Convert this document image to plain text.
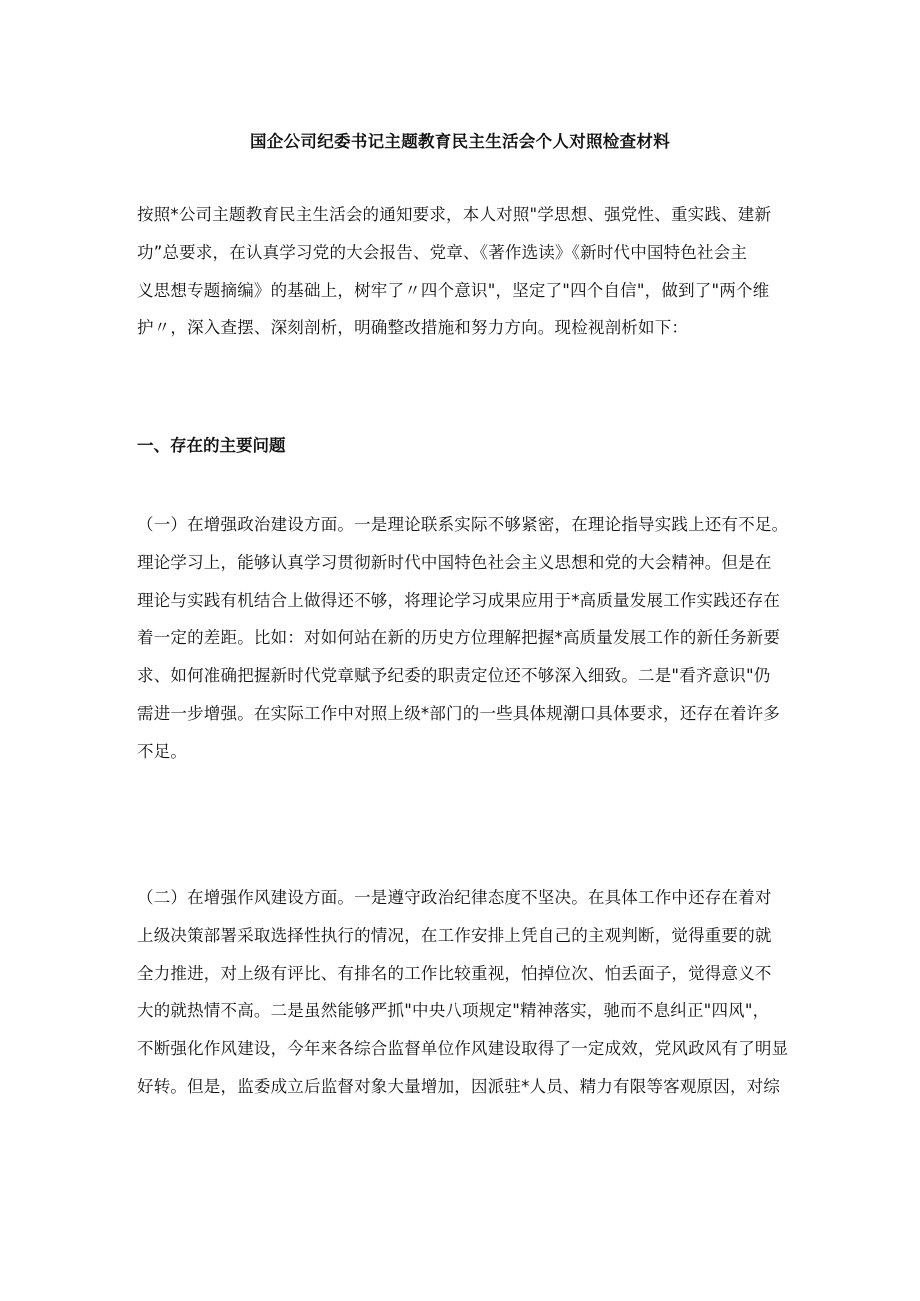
国企公司纪委书记主题教育民主生活会个人对照检查材料
按照*公司主题教育民主生活会的通知要求，本人对照"学思想、强党性、重实践、建新
功”总要求，在认真学习党的大会报告、党章、《著作选读》《新时代中国特色社会主
义思想专题摘编》的基础上，树牢了〃四个意识"，坚定了"四个自信"，做到了"两个维
护〃，深入查摆、深刻剖析，明确整改措施和努力方向。现检视剖析如下：
一、存在的主要问题
（一）在增强政治建设方面。一是理论联系实际不够紧密，在理论指导实践上还有不足。
理论学习上，能够认真学习贯彻新时代中国特色社会主义思想和党的大会精神。但是在
理论与实践有机结合上做得还不够，将理论学习成果应用于*高质量发展工作实践还存在
着一定的差距。比如：对如何站在新的历史方位理解把握*高质量发展工作的新任务新要
求、如何准确把握新时代党章赋予纪委的职责定位还不够深入细致。二是"看齐意识"仍
需进一步增强。在实际工作中对照上级*部门的一些具体规潮口具体要求，还存在着许多
不足。
（二）在增强作风建设方面。一是遵守政治纪律态度不坚决。在具体工作中还存在着对
上级决策部署采取选择性执行的情况，在工作安排上凭自己的主观判断，觉得重要的就
全力推进，对上级有评比、有排名的工作比较重视，怕掉位次、怕丢面子，觉得意义不
大的就热情不高。二是虽然能够严抓"中央八项规定"精神落实，驰而不息纠正"四风"，
不断强化作风建设，今年来各综合监督单位作风建设取得了一定成效，党风政风有了明显
好转。但是，监委成立后监督对象大量增加，因派驻*人员、精力有限等客观原因，对综
